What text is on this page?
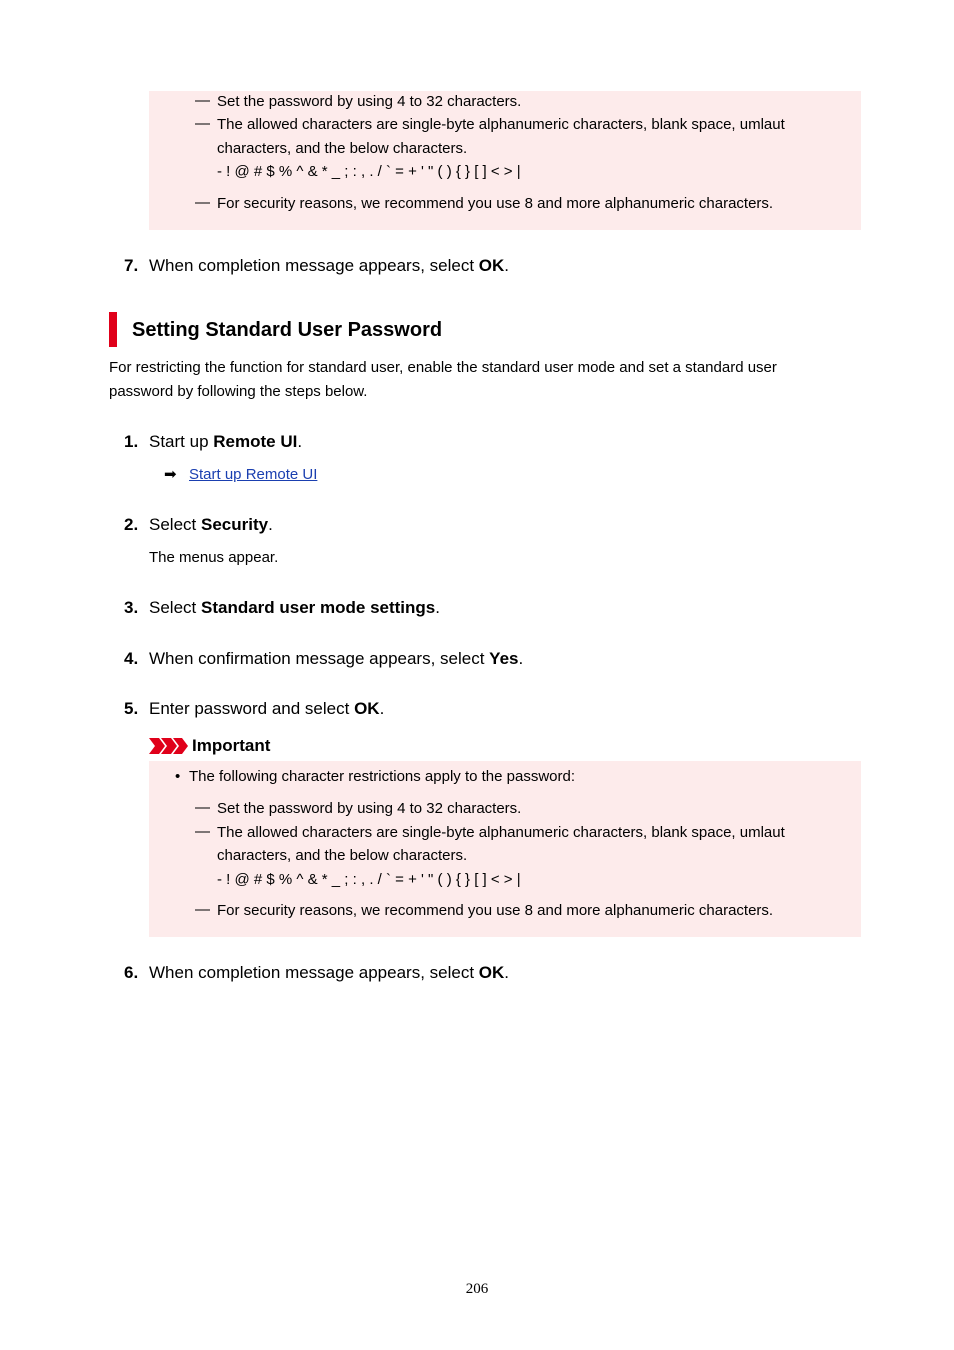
— Set the password by using 4 to 32 characters.
— The allowed characters are single-byte alphanumeric characters, blank space, umlaut
characters, and the below characters.
- ! @ # $ % ^ & * _ ; : , . / ` = + ' " ( ) { } [ ] < > |
— For security reasons, we recommend you use 8 and more alphanumeric characters.
7. When completion message appears, select OK.
Setting Standard User Password
For restricting the function for standard user, enable the standard user mode and set a standard user
password by following the steps below.
1. Start up Remote UI.
➡ Start up Remote UI
2. Select Security.
The menus appear.
3. Select Standard user mode settings.
4. When confirmation message appears, select Yes.
5. Enter password and select OK.
Important
• The following character restrictions apply to the password:
— Set the password by using 4 to 32 characters.
— The allowed characters are single-byte alphanumeric characters, blank space, umlaut
characters, and the below characters.
- ! @ # $ % ^ & * _ ; : , . / ` = + ' " ( ) { } [ ] < > |
— For security reasons, we recommend you use 8 and more alphanumeric characters.
6. When completion message appears, select OK.
206
